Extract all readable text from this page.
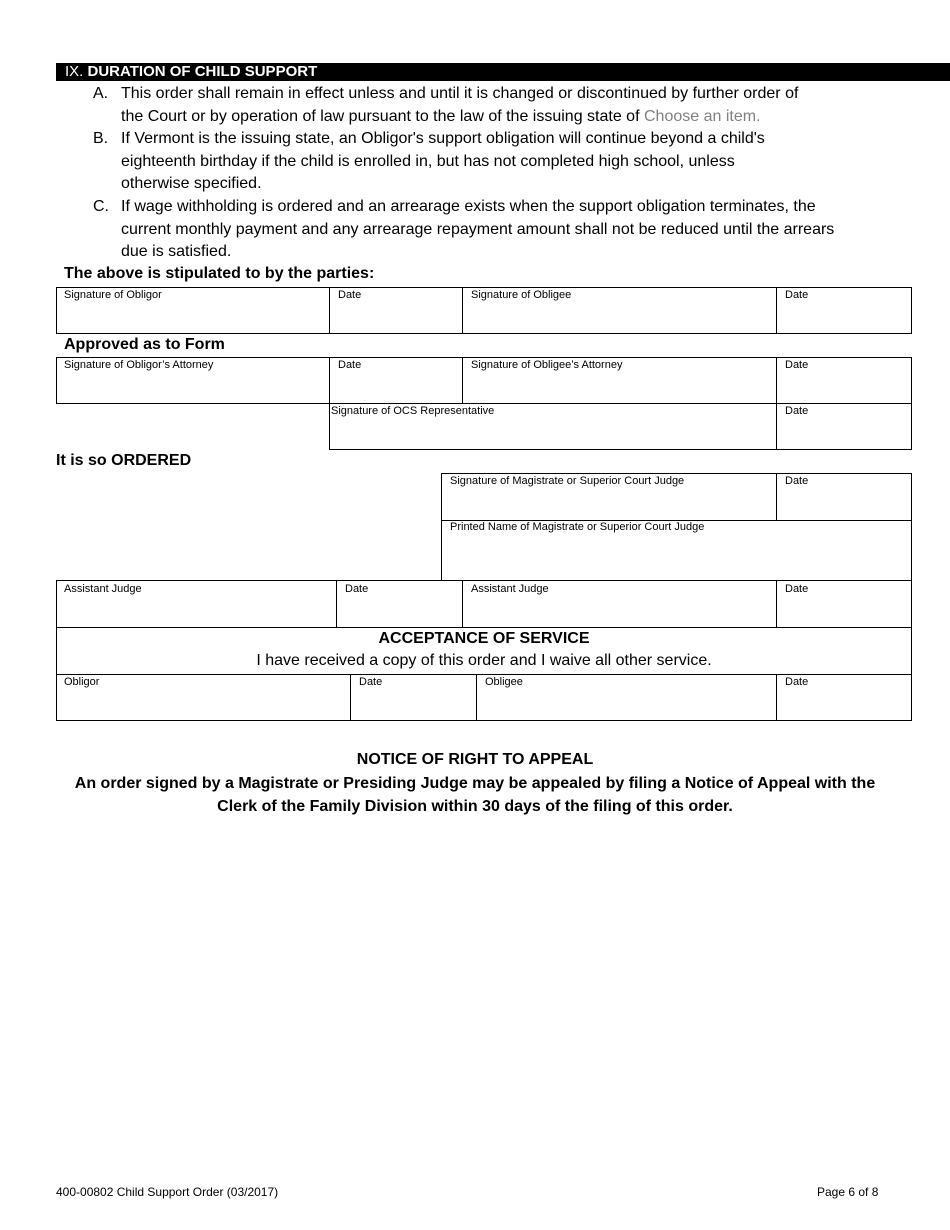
IX. DURATION OF CHILD SUPPORT
A. This order shall remain in effect unless and until it is changed or discontinued by further order of
the Court or by operation of law pursuant to the law of the issuing state of Choose an item.
B. If Vermont is the issuing state, an Obligor's support obligation will continue beyond a child's
eighteenth birthday if the child is enrolled in, but has not completed high school, unless
otherwise specified.
C. If wage withholding is ordered and an arrearage exists when the support obligation terminates, the
current monthly payment and any arrearage repayment amount shall not be reduced until the arrears
due is satisfied.
The above is stipulated to by the parties:
Signature of Obligor	Date	Signature of Obligee	Date
Approved as to Form
Signature of Obligor’s Attorney	Date	Signature of Obligee’s Attorney	Date
Signature of OCS Representative	Date
It is so ORDERED
Signature of Magistrate or Superior Court Judge	Date
Printed Name of Magistrate or Superior Court Judge
Assistant Judge	Date	Assistant Judge	Date
ACCEPTANCE OF SERVICE
I have received a copy of this order and I waive all other service.
Obligor	Date	Obligee	Date
NOTICE OF RIGHT TO APPEAL
An order signed by a Magistrate or Presiding Judge may be appealed by filing a Notice of Appeal with the
Clerk of the Family Division within 30 days of the filing of this order.
400-00802 Child Support Order (03/2017)	Page 6 of 8
